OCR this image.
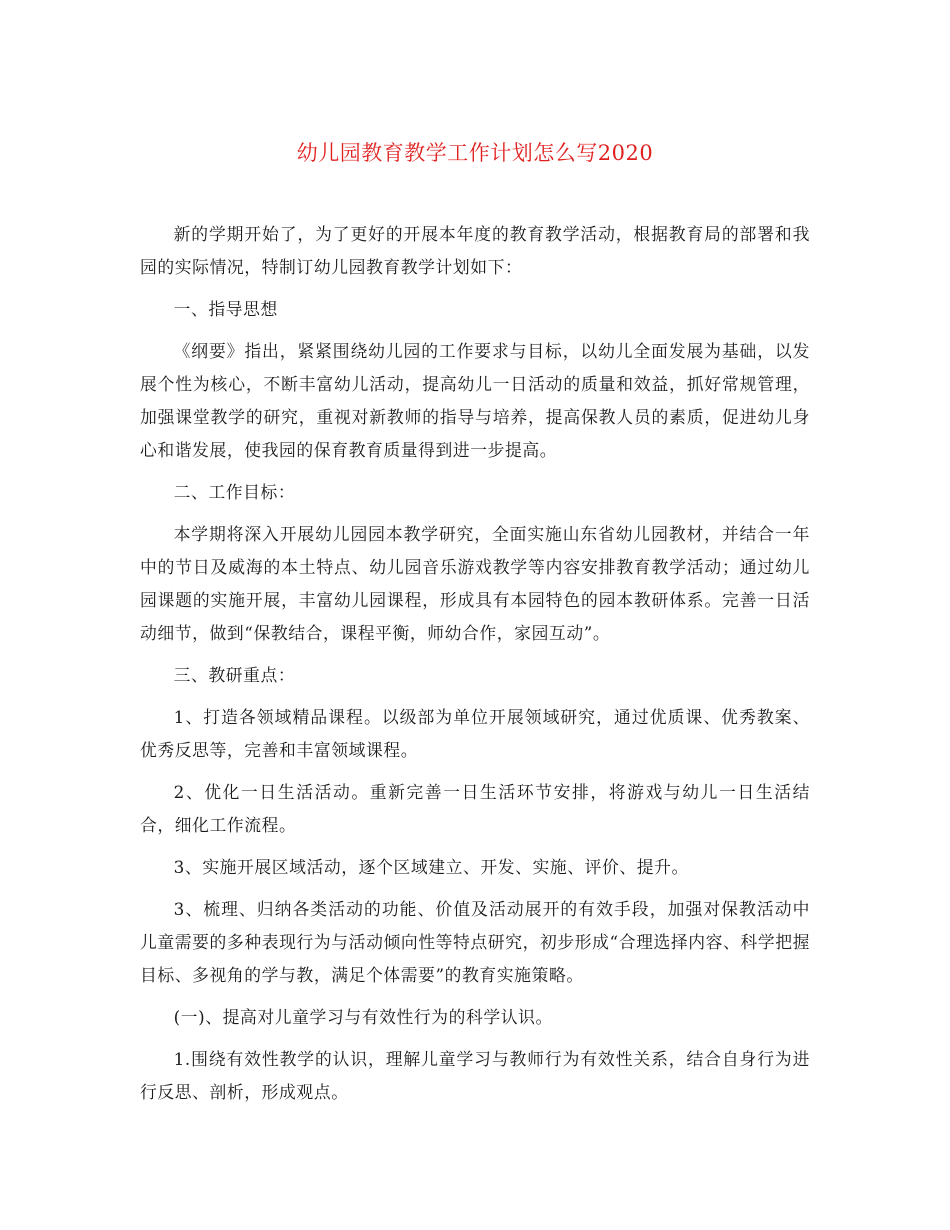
幼儿园教育教学工作计划怎么写2020

新的学期开始了，为了更好的开展本年度的教育教学活动，根据教育局的部署和我园的实际情况，特制订幼儿园教育教学计划如下：

一、指导思想

《纲要》指出，紧紧围绕幼儿园的工作要求与目标，以幼儿全面发展为基础，以发展个性为核心，不断丰富幼儿活动，提高幼儿一日活动的质量和效益，抓好常规管理，加强课堂教学的研究，重视对新教师的指导与培养，提高保教人员的素质，促进幼儿身心和谐发展，使我园的保育教育质量得到进一步提高。

二、工作目标：

本学期将深入开展幼儿园园本教学研究，全面实施山东省幼儿园教材，并结合一年中的节日及威海的本土特点、幼儿园音乐游戏教学等内容安排教育教学活动；通过幼儿园课题的实施开展，丰富幼儿园课程，形成具有本园特色的园本教研体系。完善一日活动细节，做到“保教结合，课程平衡，师幼合作，家园互动”。

三、教研重点：

1、打造各领域精品课程。以级部为单位开展领域研究，通过优质课、优秀教案、优秀反思等，完善和丰富领域课程。

2、优化一日生活活动。重新完善一日生活环节安排，将游戏与幼儿一日生活结合，细化工作流程。

3、实施开展区域活动，逐个区域建立、开发、实施、评价、提升。

3、梳理、归纳各类活动的功能、价值及活动展开的有效手段，加强对保教活动中儿童需要的多种表现行为与活动倾向性等特点研究，初步形成“合理选择内容、科学把握目标、多视角的学与教，满足个体需要”的教育实施策略。

(一)、提高对儿童学习与有效性行为的科学认识。

1.围绕有效性教学的认识，理解儿童学习与教师行为有效性关系，结合自身行为进行反思、剖析，形成观点。
